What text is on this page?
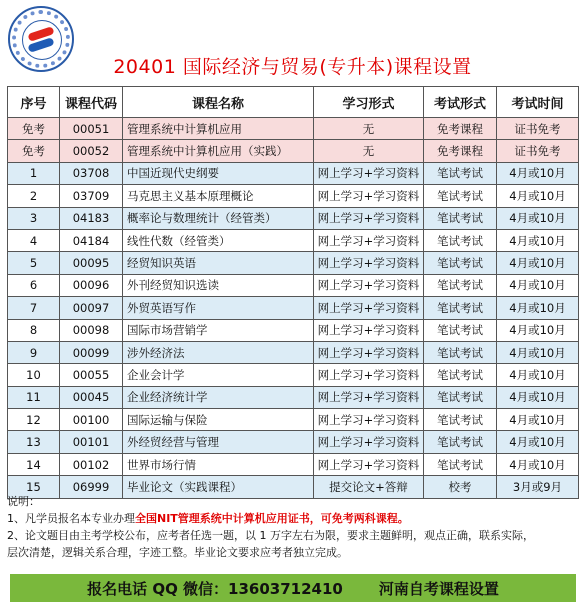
20401 国际经济与贸易(专升本)课程设置
序号	课程代码	课程名称	学习形式	考试形式	考试时间
免考	00051	管理系统中计算机应用	无	免考课程	证书免考
免考	00052	管理系统中计算机应用（实践）	无	免考课程	证书免考
1	03708	中国近现代史纲要	网上学习+学习资料	笔试考试	4月或10月
2	03709	马克思主义基本原理概论	网上学习+学习资料	笔试考试	4月或10月
3	04183	概率论与数理统计（经管类）	网上学习+学习资料	笔试考试	4月或10月
4	04184	线性代数（经管类）	网上学习+学习资料	笔试考试	4月或10月
5	00095	经贸知识英语	网上学习+学习资料	笔试考试	4月或10月
6	00096	外刊经贸知识选读	网上学习+学习资料	笔试考试	4月或10月
7	00097	外贸英语写作	网上学习+学习资料	笔试考试	4月或10月
8	00098	国际市场营销学	网上学习+学习资料	笔试考试	4月或10月
9	00099	涉外经济法	网上学习+学习资料	笔试考试	4月或10月
10	00055	企业会计学	网上学习+学习资料	笔试考试	4月或10月
11	00045	企业经济统计学	网上学习+学习资料	笔试考试	4月或10月
12	00100	国际运输与保险	网上学习+学习资料	笔试考试	4月或10月
13	00101	外经贸经营与管理	网上学习+学习资料	笔试考试	4月或10月
14	00102	世界市场行情	网上学习+学习资料	笔试考试	4月或10月
15	06999	毕业论文（实践课程）	提交论文+答辩	校考	3月或9月
说明：
1、凡学员报名本专业办理全国NIT管理系统中计算机应用证书，可免考两科课程。
2、论文题目由主考学校公布，应考者任选一题，以 1 万字左右为限，要求主题鲜明，观点正确，联系实际，
层次清楚，逻辑关系合理，字迹工整。毕业论文要求应考者独立完成。
报名电话 QQ 微信：13603712410 河南自考课程设置
